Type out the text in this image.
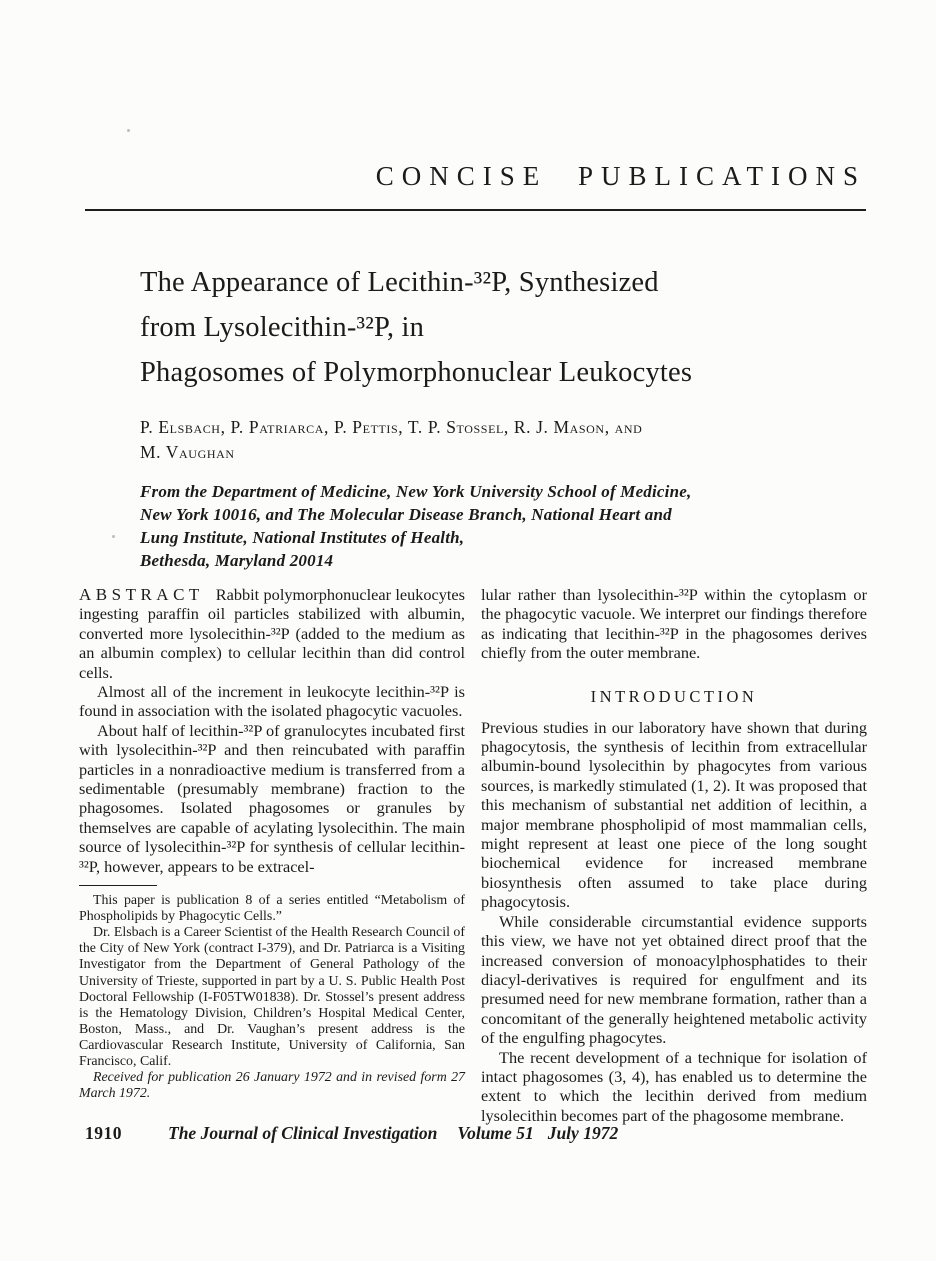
CONCISE PUBLICATIONS
The Appearance of Lecithin-³²P, Synthesized
from Lysolecithin-³²P, in
Phagosomes of Polymorphonuclear Leukocytes
P. Elsbach, P. Patriarca, P. Pettis, T. P. Stossel, R. J. Mason, and
M. Vaughan
From the Department of Medicine, New York University School of Medicine,
New York 10016, and The Molecular Disease Branch, National Heart and
Lung Institute, National Institutes of Health,
Bethesda, Maryland 20014

ABSTRACT Rabbit polymorphonuclear leukocytes ingesting paraffin oil particles stabilized with albumin, converted more lysolecithin-³²P (added to the medium as an albumin complex) to cellular lecithin than did control cells.

Almost all of the increment in leukocyte lecithin-³²P is found in association with the isolated phagocytic vacuoles.

About half of lecithin-³²P of granulocytes incubated first with lysolecithin-³²P and then reincubated with paraffin particles in a nonradioactive medium is transferred from a sedimentable (presumably membrane) fraction to the phagosomes. Isolated phagosomes or granules by themselves are capable of acylating lysolecithin. The main source of lysolecithin-³²P for synthesis of cellular lecithin-³²P, however, appears to be extracel-

This paper is publication 8 of a series entitled “Metabolism of Phospholipids by Phagocytic Cells.”

Dr. Elsbach is a Career Scientist of the Health Research Council of the City of New York (contract I-379), and Dr. Patriarca is a Visiting Investigator from the Department of General Pathology of the University of Trieste, supported in part by a U. S. Public Health Post Doctoral Fellowship (I-F05TW01838). Dr. Stossel’s present address is the Hematology Division, Children’s Hospital Medical Center, Boston, Mass., and Dr. Vaughan’s present address is the Cardiovascular Research Institute, University of California, San Francisco, Calif.

Received for publication 26 January 1972 and in revised form 27 March 1972.

lular rather than lysolecithin-³²P within the cytoplasm or the phagocytic vacuole. We interpret our findings therefore as indicating that lecithin-³²P in the phagosomes derives chiefly from the outer membrane.

INTRODUCTION

Previous studies in our laboratory have shown that during phagocytosis, the synthesis of lecithin from extracellular albumin-bound lysolecithin by phagocytes from various sources, is markedly stimulated (1, 2). It was proposed that this mechanism of substantial net addition of lecithin, a major membrane phospholipid of most mammalian cells, might represent at least one piece of the long sought biochemical evidence for increased membrane biosynthesis often assumed to take place during phagocytosis.

While considerable circumstantial evidence supports this view, we have not yet obtained direct proof that the increased conversion of monoacylphosphatides to their diacyl-derivatives is required for engulfment and its presumed need for new membrane formation, rather than a concomitant of the generally heightened metabolic activity of the engulfing phagocytes.

The recent development of a technique for isolation of intact phagosomes (3, 4), has enabled us to determine the extent to which the lecithin derived from medium lysolecithin becomes part of the phagosome membrane.

1910	The Journal of Clinical Investigation Volume 51 July 1972
